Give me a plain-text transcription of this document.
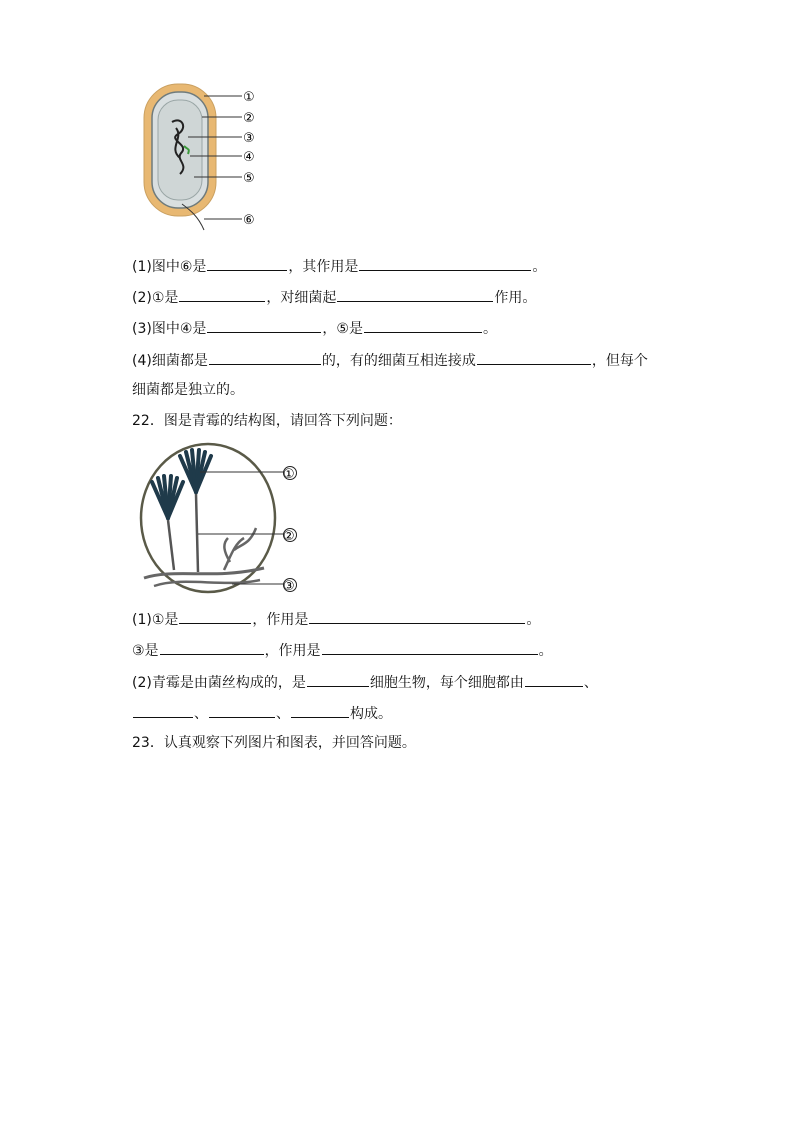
①
②
③
④
⑤
⑥
(1)图中⑥是	，其作用是	。
(2)①是	，对细菌起	作用。
(3)图中④是	，⑤是	。
(4)细菌都是	的，有的细菌互相连接成	，但每个
细菌都是独立的。
22．图是青霉的结构图，请回答下列问题：
①
②
③
(1)①是	，作用是	。
③是	，作用是	。
(2)青霉是由菌丝构成的，是	细胞生物，每个细胞都由	、
、	、	构成。
23．认真观察下列图片和图表，并回答问题。
